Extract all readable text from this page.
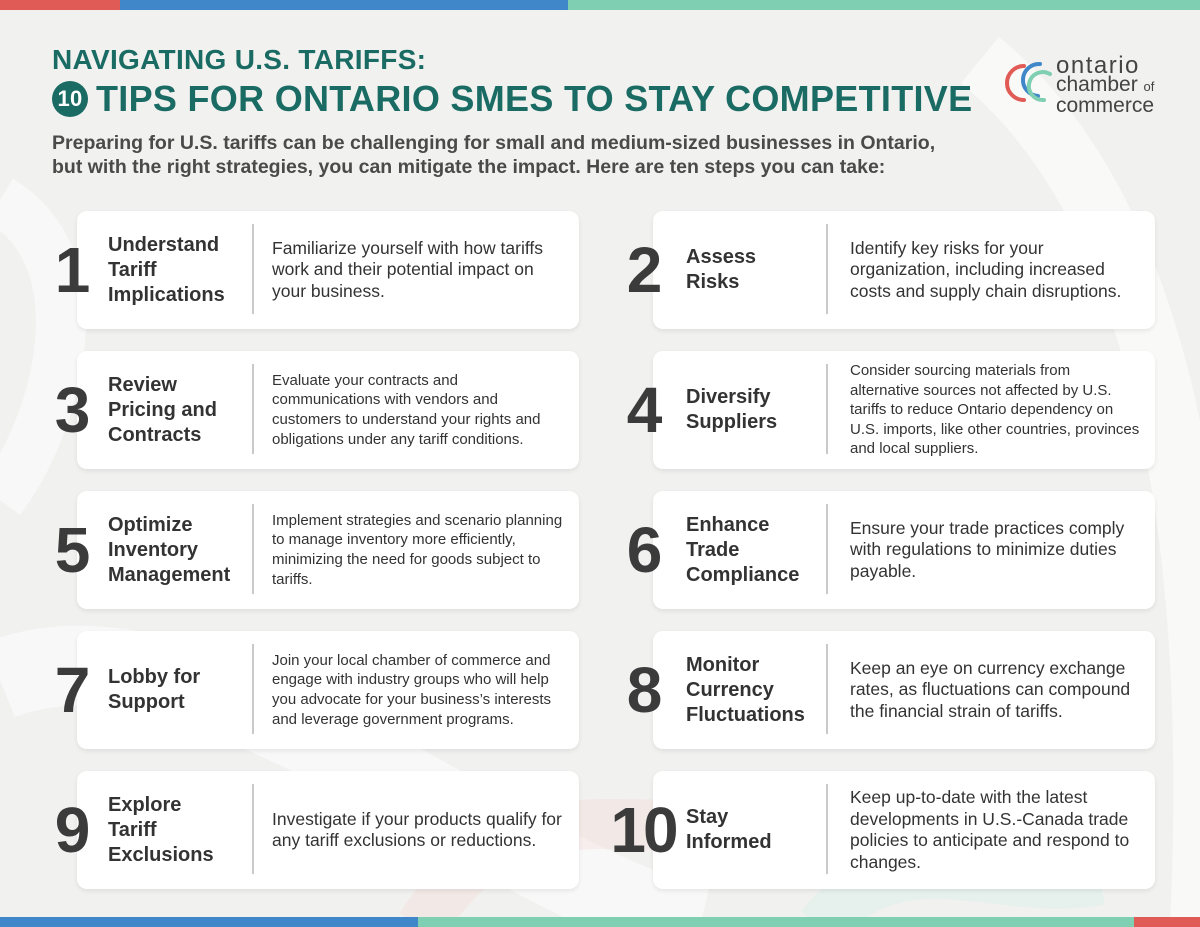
NAVIGATING U.S. TARIFFS:
10 TIPS FOR ONTARIO SMES TO STAY COMPETITIVE
Preparing for U.S. tariffs can be challenging for small and medium-sized businesses in Ontario,
but with the right strategies, you can mitigate the impact. Here are ten steps you can take:
ontario
chamber of
commerce
1	Understand
Tariff
Implications
Familiarize yourself with how tariffs work and their potential impact on your business.	2	Assess
Risks
Identify key risks for your organization, including increased costs and supply chain disruptions.
3	Review
Pricing and
Contracts
Evaluate your contracts and communications with vendors and customers to understand your rights and obligations under any tariff conditions.	4	Diversify
Suppliers
Consider sourcing materials from alternative sources not affected by U.S. tariffs to reduce Ontario dependency on U.S. imports, like other countries, provinces and local suppliers.
5	Optimize
Inventory
Management
Implement strategies and scenario planning to manage inventory more efficiently, minimizing the need for goods subject to tariffs.	6	Enhance
Trade
Compliance
Ensure your trade practices comply with regulations to minimize duties payable.
7	Lobby for
Support
Join your local chamber of commerce and engage with industry groups who will help you advocate for your business’s interests and leverage government programs.	8	Monitor
Currency
Fluctuations
Keep an eye on currency exchange rates, as fluctuations can compound the financial strain of tariffs.
9	Explore
Tariff
Exclusions
Investigate if your products qualify for any tariff exclusions or reductions.	10 Stay
Informed
Keep up-to-date with the latest developments in U.S.-Canada trade policies to anticipate and respond to changes.
